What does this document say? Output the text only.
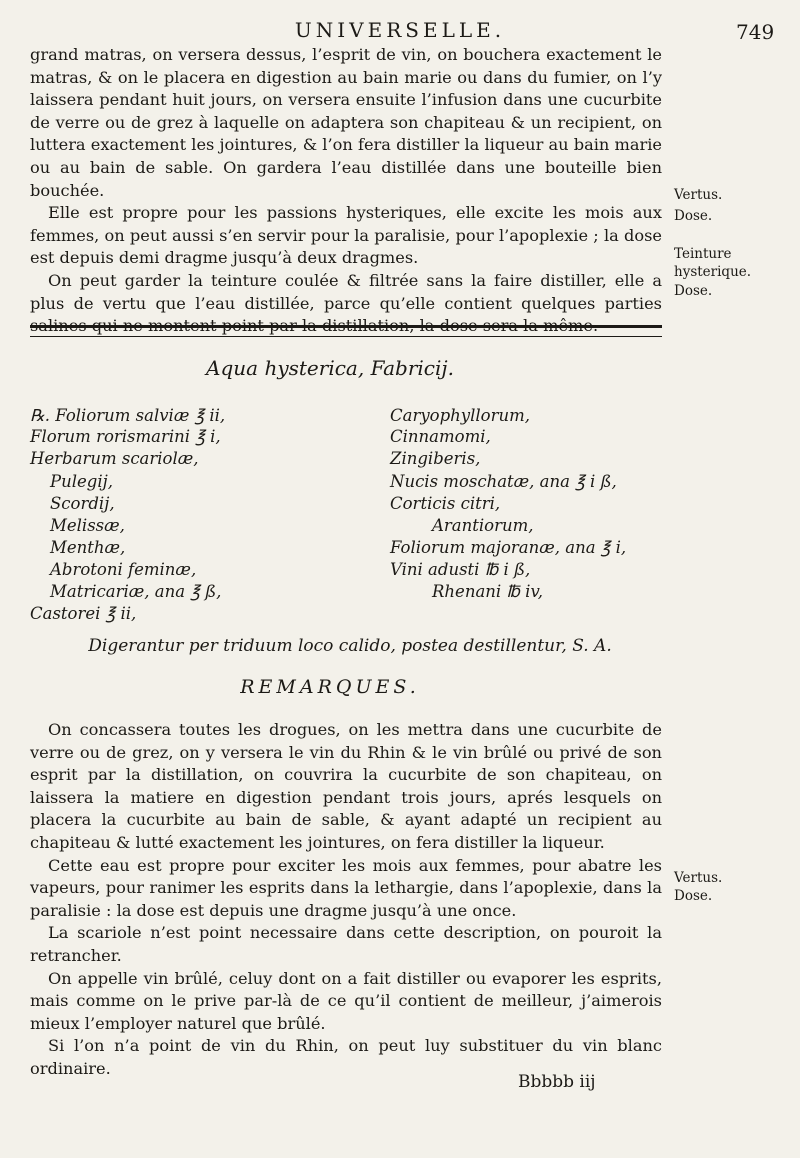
UNIVERSELLE.	749

grand matras, on versera dessus, l’esprit de vin, on bouchera exactement le matras, & on le placera en digestion au bain marie ou dans du fumier, on l’y laissera pendant huit jours, on versera ensuite l’infusion dans une cucurbite de verre ou de grez à laquelle on adaptera son chapiteau & un recipient, on luttera exactement les jointures, & l’on fera distiller la liqueur au bain marie ou au bain de sable. On gardera l’eau distillée dans une bouteille bien bouchée.

Elle est propre pour les passions hysteriques, elle excite les mois aux femmes, on peut aussi s’en servir pour la paralisie, pour l’apoplexie ; la dose est depuis demi dragme jusqu’à deux dragmes.

On peut garder la teinture coulée & filtrée sans la faire distiller, elle a plus de vertu que l’eau distillée, parce qu’elle contient quelques parties salines qui ne montent point par la distillation, la dose sera la même.

Vertus.
Dose.
Teinture hysterique.
Dose.
Aqua hysterica, Fabricij.
℞. Foliorum salviæ ℥ ii,
Florum rorismarini ℥ i,
Herbarum scariolæ,
Pulegij,
Scordij,
Melissæ,
Menthæ,
Abrotoni feminæ,
Matricariæ, ana ℥ ß,
Castorei ℥ ii,
Caryophyllorum,
Cinnamomi,
Zingiberis,
Nucis moschatæ, ana ℥ i ß,
Corticis citri,
Arantiorum,
Foliorum majoranæ, ana ℥ i,
Vini adusti ℔ i ß,
Rhenani ℔ iv,
Digerantur per triduum loco calido, postea destillentur, S. A.
REMARQUES.

On concassera toutes les drogues, on les mettra dans une cucurbite de verre ou de grez, on y versera le vin du Rhin & le vin brûlé ou privé de son esprit par la distillation, on couvrira la cucurbite de son chapiteau, on laissera la matiere en digestion pendant trois jours, aprés lesquels on placera la cucurbite au bain de sable, & ayant adapté un recipient au chapiteau & lutté exactement les jointures, on fera distiller la liqueur.

Cette eau est propre pour exciter les mois aux femmes, pour abatre les vapeurs, pour ranimer les esprits dans la lethargie, dans l’apoplexie, dans la paralisie : la dose est depuis une dragme jusqu’à une once.

La scariole n’est point necessaire dans cette description, on pouroit la retrancher.

On appelle vin brûlé, celuy dont on a fait distiller ou evaporer les esprits, mais comme on le prive par-là de ce qu’il contient de meilleur, j’aimerois mieux l’employer naturel que brûlé.

Si l’on n’a point de vin du Rhin, on peut luy substituer du vin blanc ordinaire.

Vertus.
Dose.
Bbbbb iij
